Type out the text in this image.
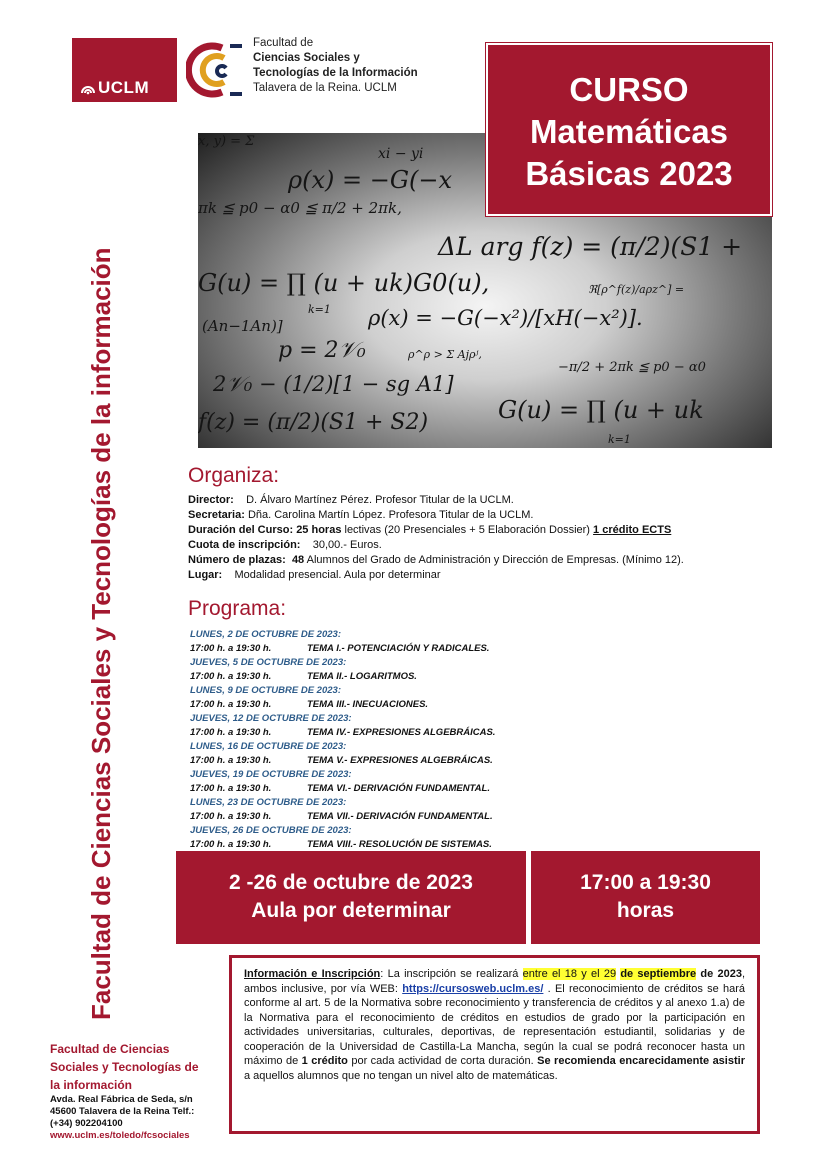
UCLM
Facultad de
Ciencias Sociales y
Tecnologías de la Información
Talavera de la Reina. UCLM
Facultad de Ciencias Sociales y Tecnologías de la información
ρ(x) = −G(−x
ΔL arg f(z) = (π/2)(S1 +
G(u) = ∏ (u + uk)G0(u),
ρ(x) = −G(−x²)/[xH(−x²)].
p = 2𝒱₀
2𝒱₀ − (1/2)[1 − sg A1]
G(u) = ∏ (u + uk
f(z) = (π/2)(S1 + S2)
πk ≦ p0 − α0 ≦ π/2 + 2πk,
−π/2 + 2πk ≦ p0 − α0
(An−1An)]
xi − yi
k=1
k=1
x, y) = Σ
ρ^ρ > Σ Ajρʲ,
ℜ[ρ^f(z)/aρz^] =
CURSO
Matemáticas
Básicas 2023
Organiza:
Director: D. Álvaro Martínez Pérez. Profesor Titular de la UCLM.
Secretaria: Dña. Carolina Martín López. Profesora Titular de la UCLM.
Duración del Curso: 25 horas lectivas (20 Presenciales + 5 Elaboración Dossier) 1 crédito ECTS
Cuota de inscripción: 30,00.- Euros.
Número de plazas: 48 Alumnos del Grado de Administración y Dirección de Empresas. (Mínimo 12).
Lugar: Modalidad presencial. Aula por determinar
Programa:
LUNES, 2 DE OCTUBRE DE 2023:
17:00 h. a 19:30 h.	TEMA I.- POTENCIACIÓN Y RADICALES.
JUEVES, 5 DE OCTUBRE DE 2023:
17:00 h. a 19:30 h.	TEMA II.- LOGARITMOS.
LUNES, 9 DE OCTUBRE DE 2023:
17:00 h. a 19:30 h.	TEMA III.- INECUACIONES.
JUEVES, 12 DE OCTUBRE DE 2023:
17:00 h. a 19:30 h.	TEMA IV.- EXPRESIONES ALGEBRÁICAS.
LUNES, 16 DE OCTUBRE DE 2023:
17:00 h. a 19:30 h.	TEMA V.- EXPRESIONES ALGEBRÁICAS.
JUEVES, 19 DE OCTUBRE DE 2023:
17:00 h. a 19:30 h.	TEMA VI.- DERIVACIÓN FUNDAMENTAL.
LUNES, 23 DE OCTUBRE DE 2023:
17:00 h. a 19:30 h.	TEMA VII.- DERIVACIÓN FUNDAMENTAL.
JUEVES, 26 DE OCTUBRE DE 2023:
17:00 h. a 19:30 h.	TEMA VIII.- RESOLUCIÓN DE SISTEMAS.
2 -26 de octubre de 2023
Aula por determinar
17:00 a 19:30
horas
Información e Inscripción: La inscripción se realizará entre el 18 y el 29 de septiembre de 2023, ambos inclusive, por vía WEB: https://cursosweb.uclm.es/ . El reconocimiento de créditos se hará conforme al art. 5 de la Normativa sobre reconocimiento y transferencia de créditos y al anexo 1.a) de la Normativa para el reconocimiento de créditos en estudios de grado por la participación en actividades universitarias, culturales, deportivas, de representación estudiantil, solidarias y de cooperación de la Universidad de Castilla-La Mancha, según la cual se podrá reconocer hasta un máximo de 1 crédito por cada actividad de corta duración. Se recomienda encarecidamente asistir a aquellos alumnos que no tengan un nivel alto de matemáticas.
Facultad de Ciencias
Sociales y Tecnologías de
la información
Avda. Real Fábrica de Seda, s/n
45600 Talavera de la Reina Telf.:
(+34) 902204100
www.uclm.es/toledo/fcsociales
